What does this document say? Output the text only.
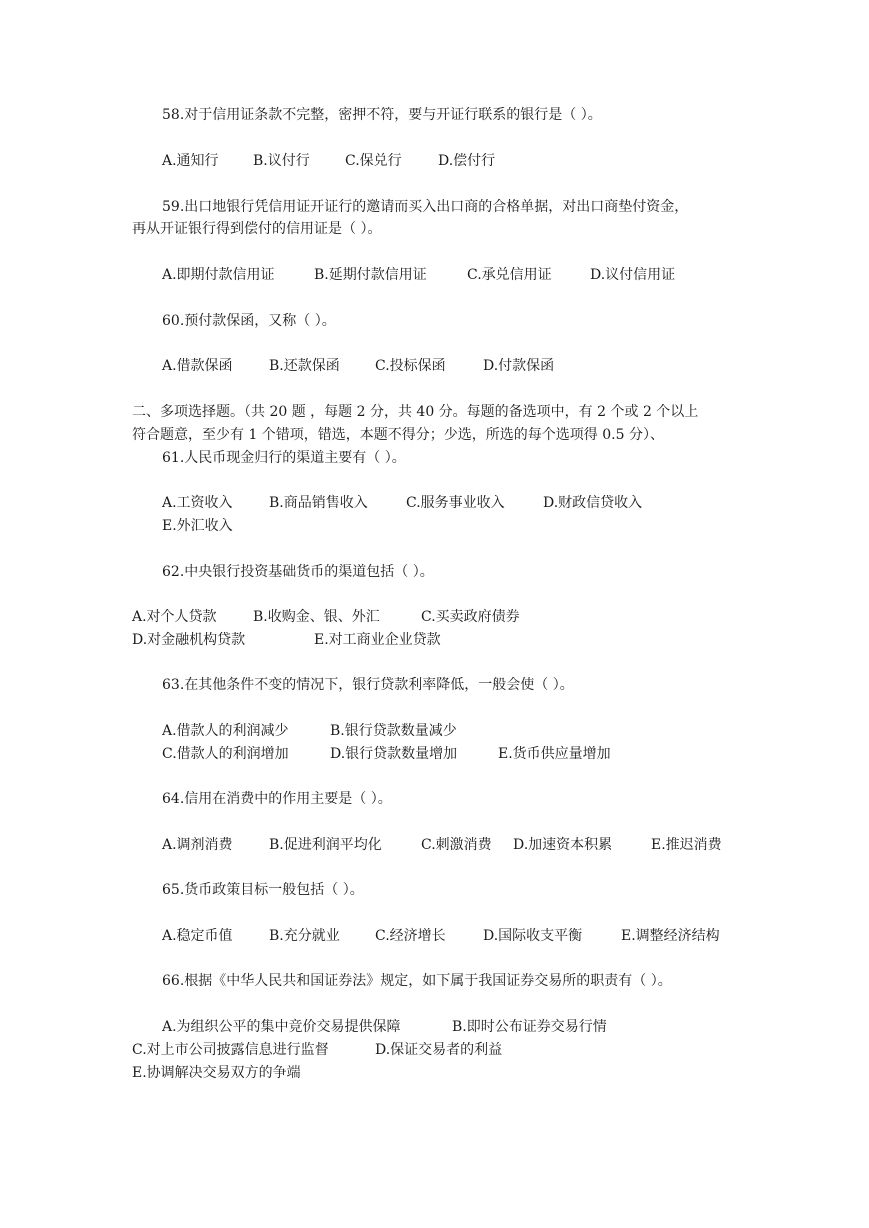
58.对于信用证条款不完整，密押不符，要与开证行联系的银行是（ ）。
A.通知行 B.议付行	C.保兑行	D.偿付行
59.出口地银行凭信用证开证行的邀请而买入出口商的合格单据，对出口商垫付资金，
再从开证银行得到偿付的信用证是（ ）。
A.即期付款信用证	B.延期付款信用证	C.承兑信用证	D.议付信用证
60.预付款保函，又称（ ）。
A.借款保函	B.还款保函	C.投标保函	D.付款保函
二、多项选择题。（共 20 题 ，每题 2 分，共 40 分。每题的备选项中，有 2 个或 2 个以上
符合题意，至少有 1 个错项，错选，本题不得分；少选，所选的每个选项得 0.5 分）、
61.人民币现金归行的渠道主要有（ ）。
A.工资收入	B.商品销售收入	C.服务事业收入	D.财政信贷收入
E.外汇收入
62.中央银行投资基础货币的渠道包括（ ）。
A.对个人贷款	B.收购金、银、外汇	C.买卖政府债券
D.对金融机构贷款	E.对工商业企业贷款
63.在其他条件不变的情况下，银行贷款利率降低，一般会使（ ）。
A.借款人的利润减少	B.银行贷款数量减少
C.借款人的利润增加	D.银行贷款数量增加	E.货币供应量增加
64.信用在消费中的作用主要是（ ）。
A.调剂消费	B.促进利润平均化	C.刺激消费 D.加速资本积累	E.推迟消费
65.货币政策目标一般包括（ ）。
A.稳定币值	B.充分就业	C.经济增长	D.国际收支平衡	E.调整经济结构
66.根据《中华人民共和国证券法》规定，如下属于我国证券交易所的职责有（ ）。
A.为组织公平的集中竞价交易提供保障	B.即时公布证券交易行情
C.对上市公司披露信息进行监督	D.保证交易者的利益
E.协调解决交易双方的争端
